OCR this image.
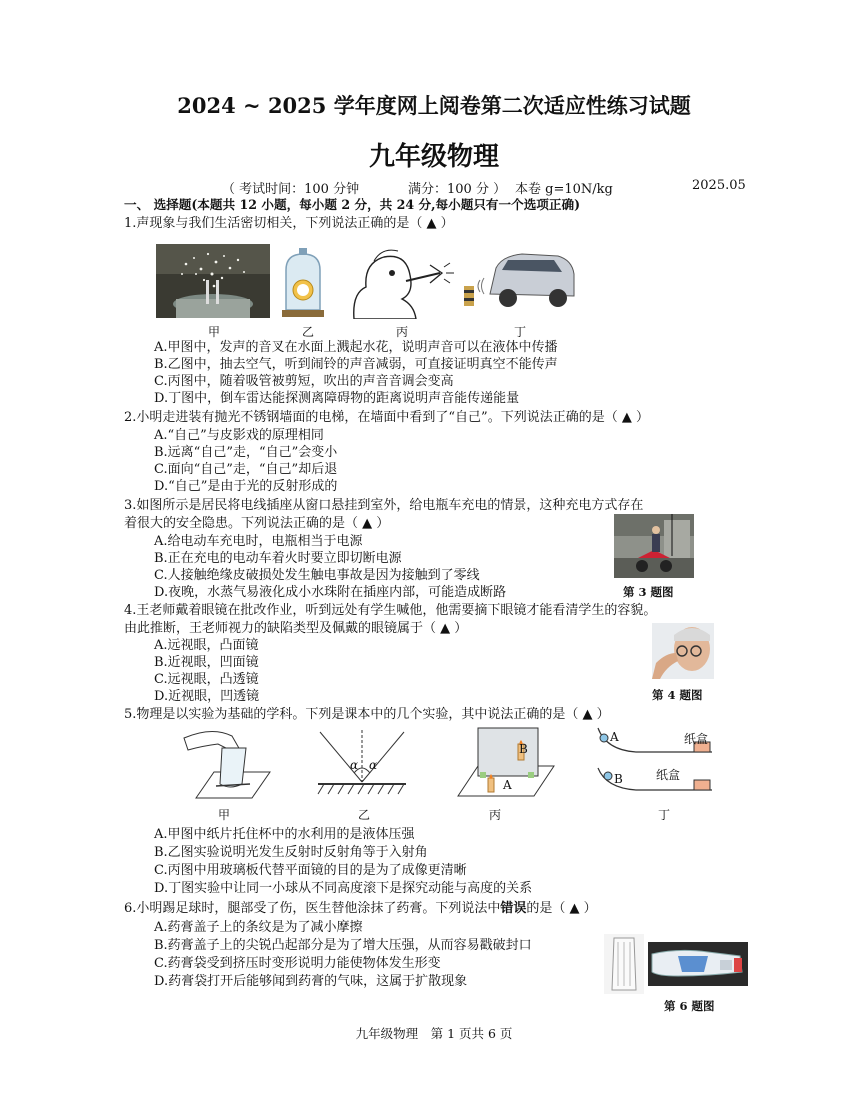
2024 ~ 2025 学年度网上阅卷第二次适应性练习试题
九年级物理
（ 考试时间：100 分钟	满分：100 分 ） 本卷 g=10N/kg	2025.05
一、 选择题(本题共 12 小题，每小题 2 分，共 24 分,每小题只有一个选项正确)
1.声现象与我们生活密切相关，下列说法正确的是（ ▲ ）
甲	乙	丙	丁
A.甲图中，发声的音叉在水面上溅起水花，说明声音可以在液体中传播
B.乙图中，抽去空气，听到闹铃的声音减弱，可直接证明真空不能传声
C.丙图中，随着吸管被剪短，吹出的声音音调会变高
D.丁图中，倒车雷达能探测离障碍物的距离说明声音能传递能量
2.小明走进装有抛光不锈钢墙面的电梯，在墙面中看到了“自己”。下列说法正确的是（ ▲ ）
A.“自己”与皮影戏的原理相同
B.远离“自己”走，“自己”会变小
C.面向“自己”走，“自己”却后退
D.“自己”是由于光的反射形成的
3.如图所示是居民将电线插座从窗口悬挂到室外，给电瓶车充电的情景，这种充电方式存在
着很大的安全隐患。下列说法正确的是（ ▲ ）
A.给电动车充电时，电瓶相当于电源
B.正在充电的电动车着火时要立即切断电源
C.人接触绝缘皮破损处发生触电事故是因为接触到了零线
D.夜晚，水蒸气易液化成小水珠附在插座内部，可能造成断路	第 3 题图
4.王老师戴着眼镜在批改作业，听到远处有学生喊他，他需要摘下眼镜才能看清学生的容貌。
由此推断，王老师视力的缺陷类型及佩戴的眼镜属于（ ▲ ）
A.远视眼，凸面镜
B.近视眼，凹面镜
C.远视眼，凸透镜
D.近视眼，凹透镜	第 4 题图
5.物理是以实验为基础的学科。下列是课本中的几个实验，其中说法正确的是（ ▲ ）
α α
B
A
A	纸盒
B	纸盒
甲	乙	丙	丁
A.甲图中纸片托住杯中的水利用的是液体压强
B.乙图实验说明光发生反射时反射角等于入射角
C.丙图中用玻璃板代替平面镜的目的是为了成像更清晰
D.丁图实验中让同一小球从不同高度滚下是探究动能与高度的关系
6.小明踢足球时，腿部受了伤，医生替他涂抹了药膏。下列说法中错误的是（ ▲ ）
A.药膏盖子上的条纹是为了减小摩擦
B.药膏盖子上的尖锐凸起部分是为了增大压强，从而容易戳破封口
C.药膏袋受到挤压时变形说明力能使物体发生形变
D.药膏袋打开后能够闻到药膏的气味，这属于扩散现象
第 6 题图
九年级物理　第 1 页共 6 页
